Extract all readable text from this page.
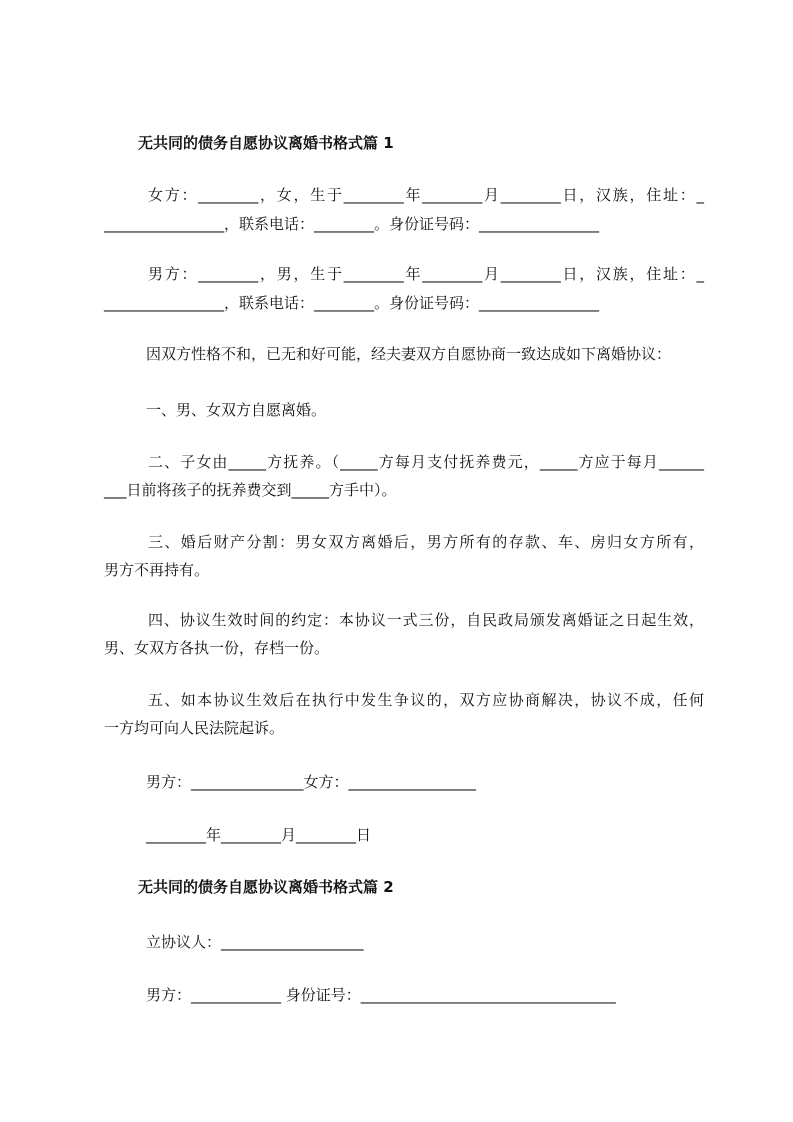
无共同的债务自愿协议离婚书格式篇 1
女方：________，女，生于________年________月________日，汉族，住址：_
________________，联系电话：________。身份证号码：________________
男方：________，男，生于________年________月________日，汉族，住址：_
________________，联系电话：________。身份证号码：________________
因双方性格不和，已无和好可能，经夫妻双方自愿协商一致达成如下离婚协议：
一、男、女双方自愿离婚。
二、子女由_____方抚养。（_____方每月支付抚养费元，_____方应于每月______
___日前将孩子的抚养费交到_____方手中）。
三、婚后财产分割：男女双方离婚后，男方所有的存款、车、房归女方所有，
男方不再持有。
四、协议生效时间的约定：本协议一式三份，自民政局颁发离婚证之日起生效，
男、女双方各执一份，存档一份。
五、如本协议生效后在执行中发生争议的，双方应协商解决，协议不成，任何
一方均可向人民法院起诉。
男方：_______________女方：_________________
________年________月________日
无共同的债务自愿协议离婚书格式篇 2
立协议人：___________________
男方：____________ 身份证号：__________________________________
